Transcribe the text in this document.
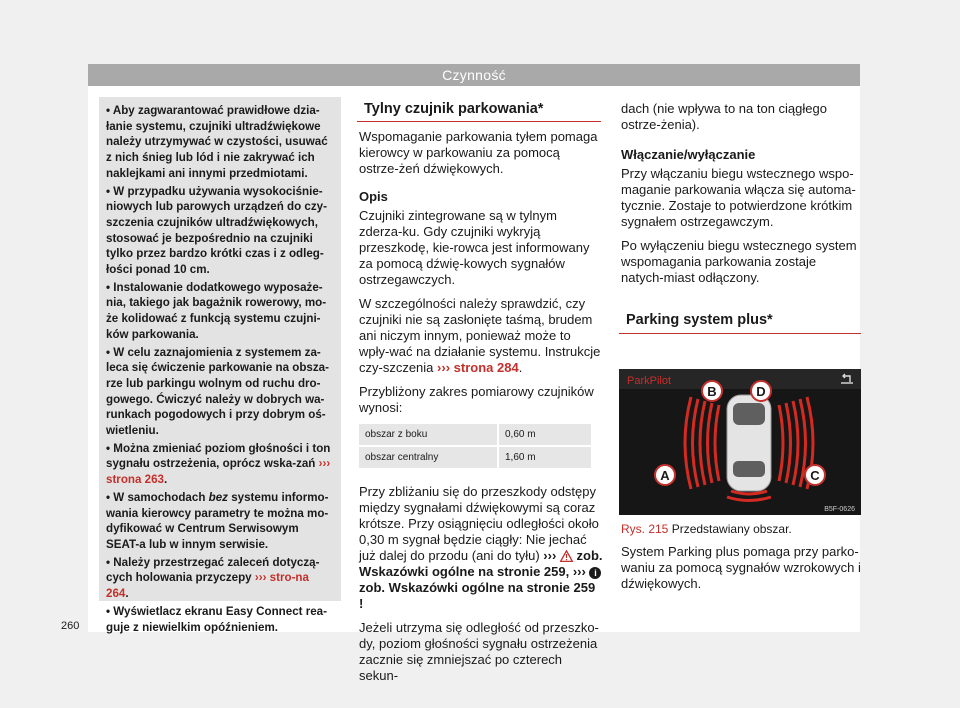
Czynność

• Aby zagwarantować prawidłowe dzia-łanie systemu, czujniki ultradźwiękowe należy utrzymywać w czystości, usuwać z nich śnieg lub lód i nie zakrywać ich naklejkami ani innymi przedmiotami.

• W przypadku używania wysokociśnie-niowych lub parowych urządzeń do czy-szczenia czujników ultradźwiękowych, stosować je bezpośrednio na czujniki tylko przez bardzo krótki czas i z odleg-łości ponad 10 cm.

• Instalowanie dodatkowego wyposaże-nia, takiego jak bagażnik rowerowy, mo-że kolidować z funkcją systemu czujni-ków parkowania.

• W celu zaznajomienia z systemem za-leca się ćwiczenie parkowanie na obsza-rze lub parkingu wolnym od ruchu dro-gowego. Ćwiczyć należy w dobrych wa-runkach pogodowych i przy dobrym oś-wietleniu.

• Można zmieniać poziom głośności i ton sygnału ostrzeżenia, oprócz wska-zań ››› strona 263.

• W samochodach bez systemu informo-wania kierowcy parametry te można mo-dyfikować w Centrum Serwisowym SEAT-a lub w innym serwisie.

• Należy przestrzegać zaleceń dotyczą-cych holowania przyczepy ››› stro-na 264.

• Wyświetlacz ekranu Easy Connect rea-guje z niewielkim opóźnieniem.

Tylny czujnik parkowania*

Wspomaganie parkowania tyłem pomaga kierowcy w parkowaniu za pomocą ostrze-żeń dźwiękowych.

Opis

Czujniki zintegrowane są w tylnym zderza-ku. Gdy czujniki wykryją przeszkodę, kie-rowca jest informowany za pomocą dźwię-kowych sygnałów ostrzegawczych.

W szczególności należy sprawdzić, czy czujniki nie są zasłonięte taśmą, brudem ani niczym innym, ponieważ może to wpły-wać na działanie systemu. Instrukcje czy-szczenia ››› strona 284.

Przybliżony zakres pomiarowy czujników wynosi:

obszar z boku	0,60 m
obszar centralny	1,60 m

Przy zbliżaniu się do przeszkody odstępy między sygnałami dźwiękowymi są coraz krótsze. Przy osiągnięciu odległości około 0,30 m sygnał będzie ciągły: Nie jechać już dalej do przodu (ani do tyłu) ››› zob. Wskazówki ogólne na stronie 259, ››› i zob. Wskazówki ogólne na stronie 259 !

Jeżeli utrzyma się odległość od przeszko-dy, poziom głośności sygnału ostrzeżenia zacznie się zmniejszać po czterech sekun-

dach (nie wpływa to na ton ciągłego ostrze-żenia).

Włączanie/wyłączanie

Przy włączaniu biegu wstecznego wspo-maganie parkowania włącza się automa-tycznie. Zostaje to potwierdzone krótkim sygnałem ostrzegawczym.

Po wyłączeniu biegu wstecznego system wspomagania parkowania zostaje natych-miast odłączony.

Parking system plus*
ParkPilot
B	D
A	C
B5F-0626
Rys. 215 Przedstawiany obszar.

System Parking plus pomaga przy parko-waniu za pomocą sygnałów wzrokowych i dźwiękowych.

260
